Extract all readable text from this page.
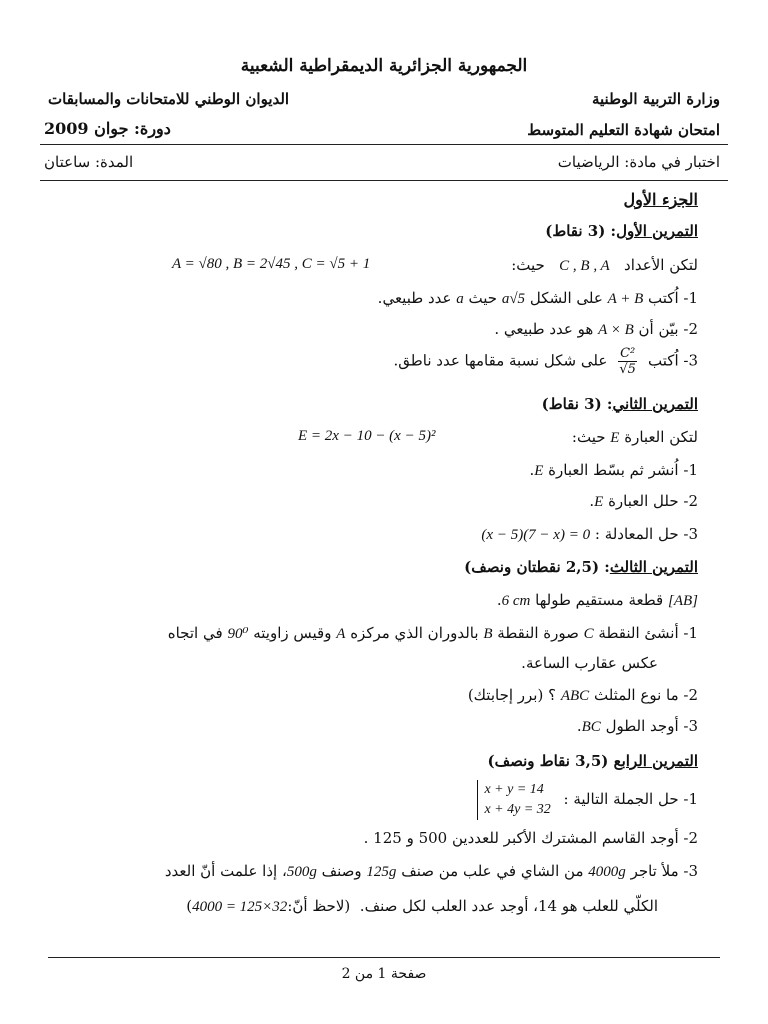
الجمهورية الجزائرية الديمقراطية الشعبية
وزارة التربية الوطنية
الديوان الوطني للامتحانات والمسابقات
امتحان شهادة التعليم المتوسط
دورة: جوان 2009
اختبار في مادة: الرياضيات
المدة: ساعتان
الجزء الأول
التمرين الأول: (3 نقاط)
لتكن الأعداد   C , B , A   حيث:
A = √80 , B = 2√45 , C = √5 + 1
1- اُكتب A + B على الشكل a√5 حيث a عدد طبيعي.
2- بيّن أن A × B هو عدد طبيعي .
3- اُكتب
$\frac{\text{C²}}{√5}$
على شكل نسبة مقامها عدد ناطق.
التمرين الثاني: (3 نقاط)
لتكن العبارة E حيث:
E = 2x − 10 − (x − 5)²
1- اُنشر ثم بسّط العبارة E.
2- حلل العبارة E.
3- حل المعادلة : (x − 5)(7 − x) = 0
التمرين الثالث: (2,5 نقطتان ونصف)
[AB] قطعة مستقيم طولها 6 cm.
1- أنشئ النقطة C صورة النقطة B بالدوران الذي مركزه A وقيس زاويته 90⁰ في اتجاه
عكس عقارب الساعة.
2- ما نوع المثلث ABC ؟ (برر إجابتك)
3- أوجد الطول BC.
التمرين الرابع (3,5 نقاط ونصف)
1- حل الجملة التالية : x + y = 14
x + 4y = 32
2- أوجد القاسم المشترك الأكبر للعددين 500 و 125 .
3- ملأ تاجر 4000g من الشاي في علب من صنف 125g وصنف 500g، إذا علمت أنّ العدد
الكلّي للعلب هو 14، أوجد عدد العلب لكل صنف.  (لاحظ أنّ:4000 = 125×32)
صفحة 1 من 2
